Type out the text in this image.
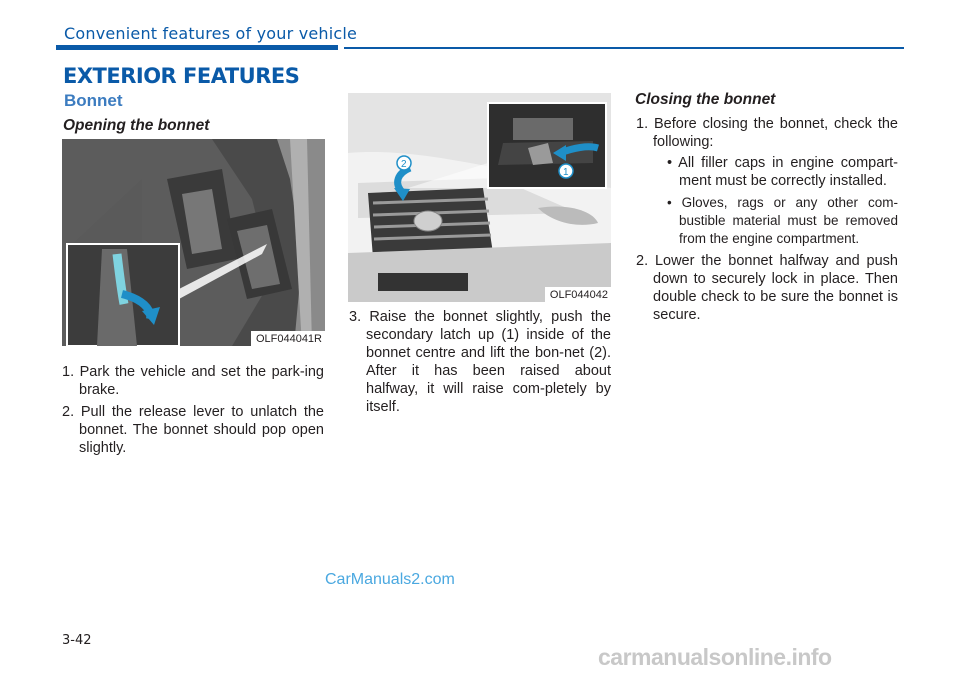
Convenient features of your vehicle
EXTERIOR FEATURES
Bonnet
Opening the bonnet
OLF044041R
1. Park the vehicle and set the park-ing brake.
2. Pull the release lever to unlatch the bonnet. The bonnet should pop open slightly.
1
2
OLF044042
3. Raise the bonnet slightly, push the secondary latch up (1) inside of the bonnet centre and lift the bon-net (2). After it has been raised about halfway, it will raise com-pletely by itself.
Closing the bonnet
1. Before closing the bonnet, check the following:
• All filler caps in engine compart-ment must be correctly installed.
• Gloves, rags or any other com-bustible material must be removed from the engine compartment.
2. Lower the bonnet halfway and push down to securely lock in place. Then double check to be sure the bonnet is secure.
3-42
CarManuals2.com
carmanualsonline.info
